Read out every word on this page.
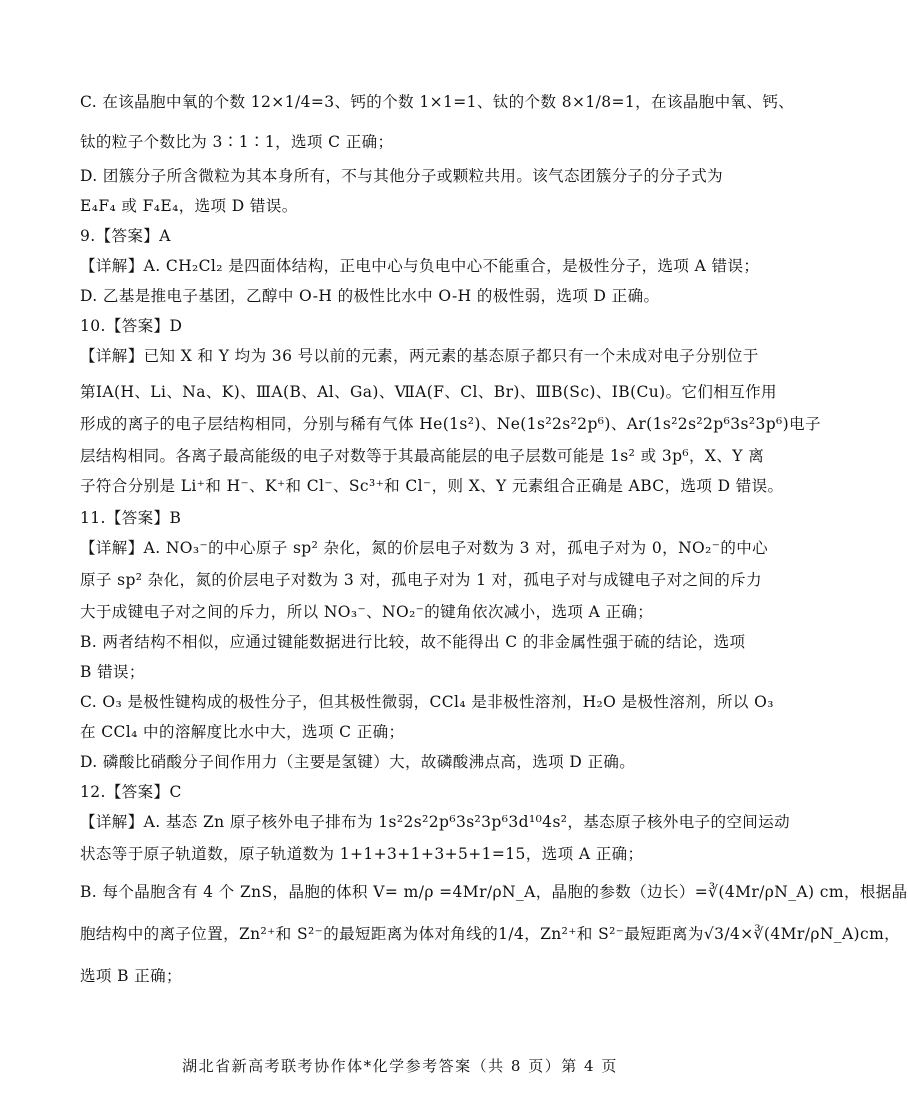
C. 在该晶胞中氧的个数 12×1/4=3、钙的个数 1×1=1、钛的个数 8×1/8=1，在该晶胞中氧、钙、
钛的粒子个数比为 3∶1∶1，选项 C 正确；
D. 团簇分子所含微粒为其本身所有，不与其他分子或颗粒共用。该气态团簇分子的分子式为
E₄F₄ 或 F₄E₄，选项 D 错误。
9.【答案】A
【详解】A. CH₂Cl₂ 是四面体结构，正电中心与负电中心不能重合，是极性分子，选项 A 错误；
D. 乙基是推电子基团，乙醇中 O-H 的极性比水中 O-H 的极性弱，选项 D 正确。
10.【答案】D
【详解】已知 X 和 Y 均为 36 号以前的元素，两元素的基态原子都只有一个未成对电子分别位于
第ⅠA(H、Li、Na、K)、ⅢA(B、Al、Ga)、ⅦA(F、Cl、Br)、ⅢB(Sc)、ⅠB(Cu)。它们相互作用
形成的离子的电子层结构相同，分别与稀有气体 He(1s²)、Ne(1s²2s²2p⁶)、Ar(1s²2s²2p⁶3s²3p⁶)电子
层结构相同。各离子最高能级的电子对数等于其最高能层的电子层数可能是 1s² 或 3p⁶，X、Y 离
子符合分别是 Li⁺和 H⁻、K⁺和 Cl⁻、Sc³⁺和 Cl⁻，则 X、Y 元素组合正确是 ABC，选项 D 错误。
11.【答案】B
【详解】A. NO₃⁻的中心原子 sp² 杂化，氮的价层电子对数为 3 对，孤电子对为 0，NO₂⁻的中心
原子 sp² 杂化，氮的价层电子对数为 3 对，孤电子对为 1 对，孤电子对与成键电子对之间的斥力
大于成键电子对之间的斥力，所以 NO₃⁻、NO₂⁻的键角依次减小，选项 A 正确；
B. 两者结构不相似，应通过键能数据进行比较，故不能得出 C 的非金属性强于硫的结论，选项
B 错误；
C. O₃ 是极性键构成的极性分子，但其极性微弱，CCl₄ 是非极性溶剂，H₂O 是极性溶剂，所以 O₃
在 CCl₄ 中的溶解度比水中大，选项 C 正确；
D. 磷酸比硝酸分子间作用力（主要是氢键）大，故磷酸沸点高，选项 D 正确。
12.【答案】C
【详解】A. 基态 Zn 原子核外电子排布为 1s²2s²2p⁶3s²3p⁶3d¹⁰4s²，基态原子核外电子的空间运动
状态等于原子轨道数，原子轨道数为 1+1+3+1+3+5+1=15，选项 A 正确；
B. 每个晶胞含有 4 个 ZnS，晶胞的体积 V= m/ρ =4Mr/ρN_A，晶胞的参数（边长）=∛(4Mr/ρN_A) cm，根据晶
胞结构中的离子位置，Zn²⁺和 S²⁻的最短距离为体对角线的1/4，Zn²⁺和 S²⁻最短距离为√3/4×∛(4Mr/ρN_A)cm，
选项 B 正确；
湖北省新高考联考协作体*化学参考答案（共 8 页）第 4 页
